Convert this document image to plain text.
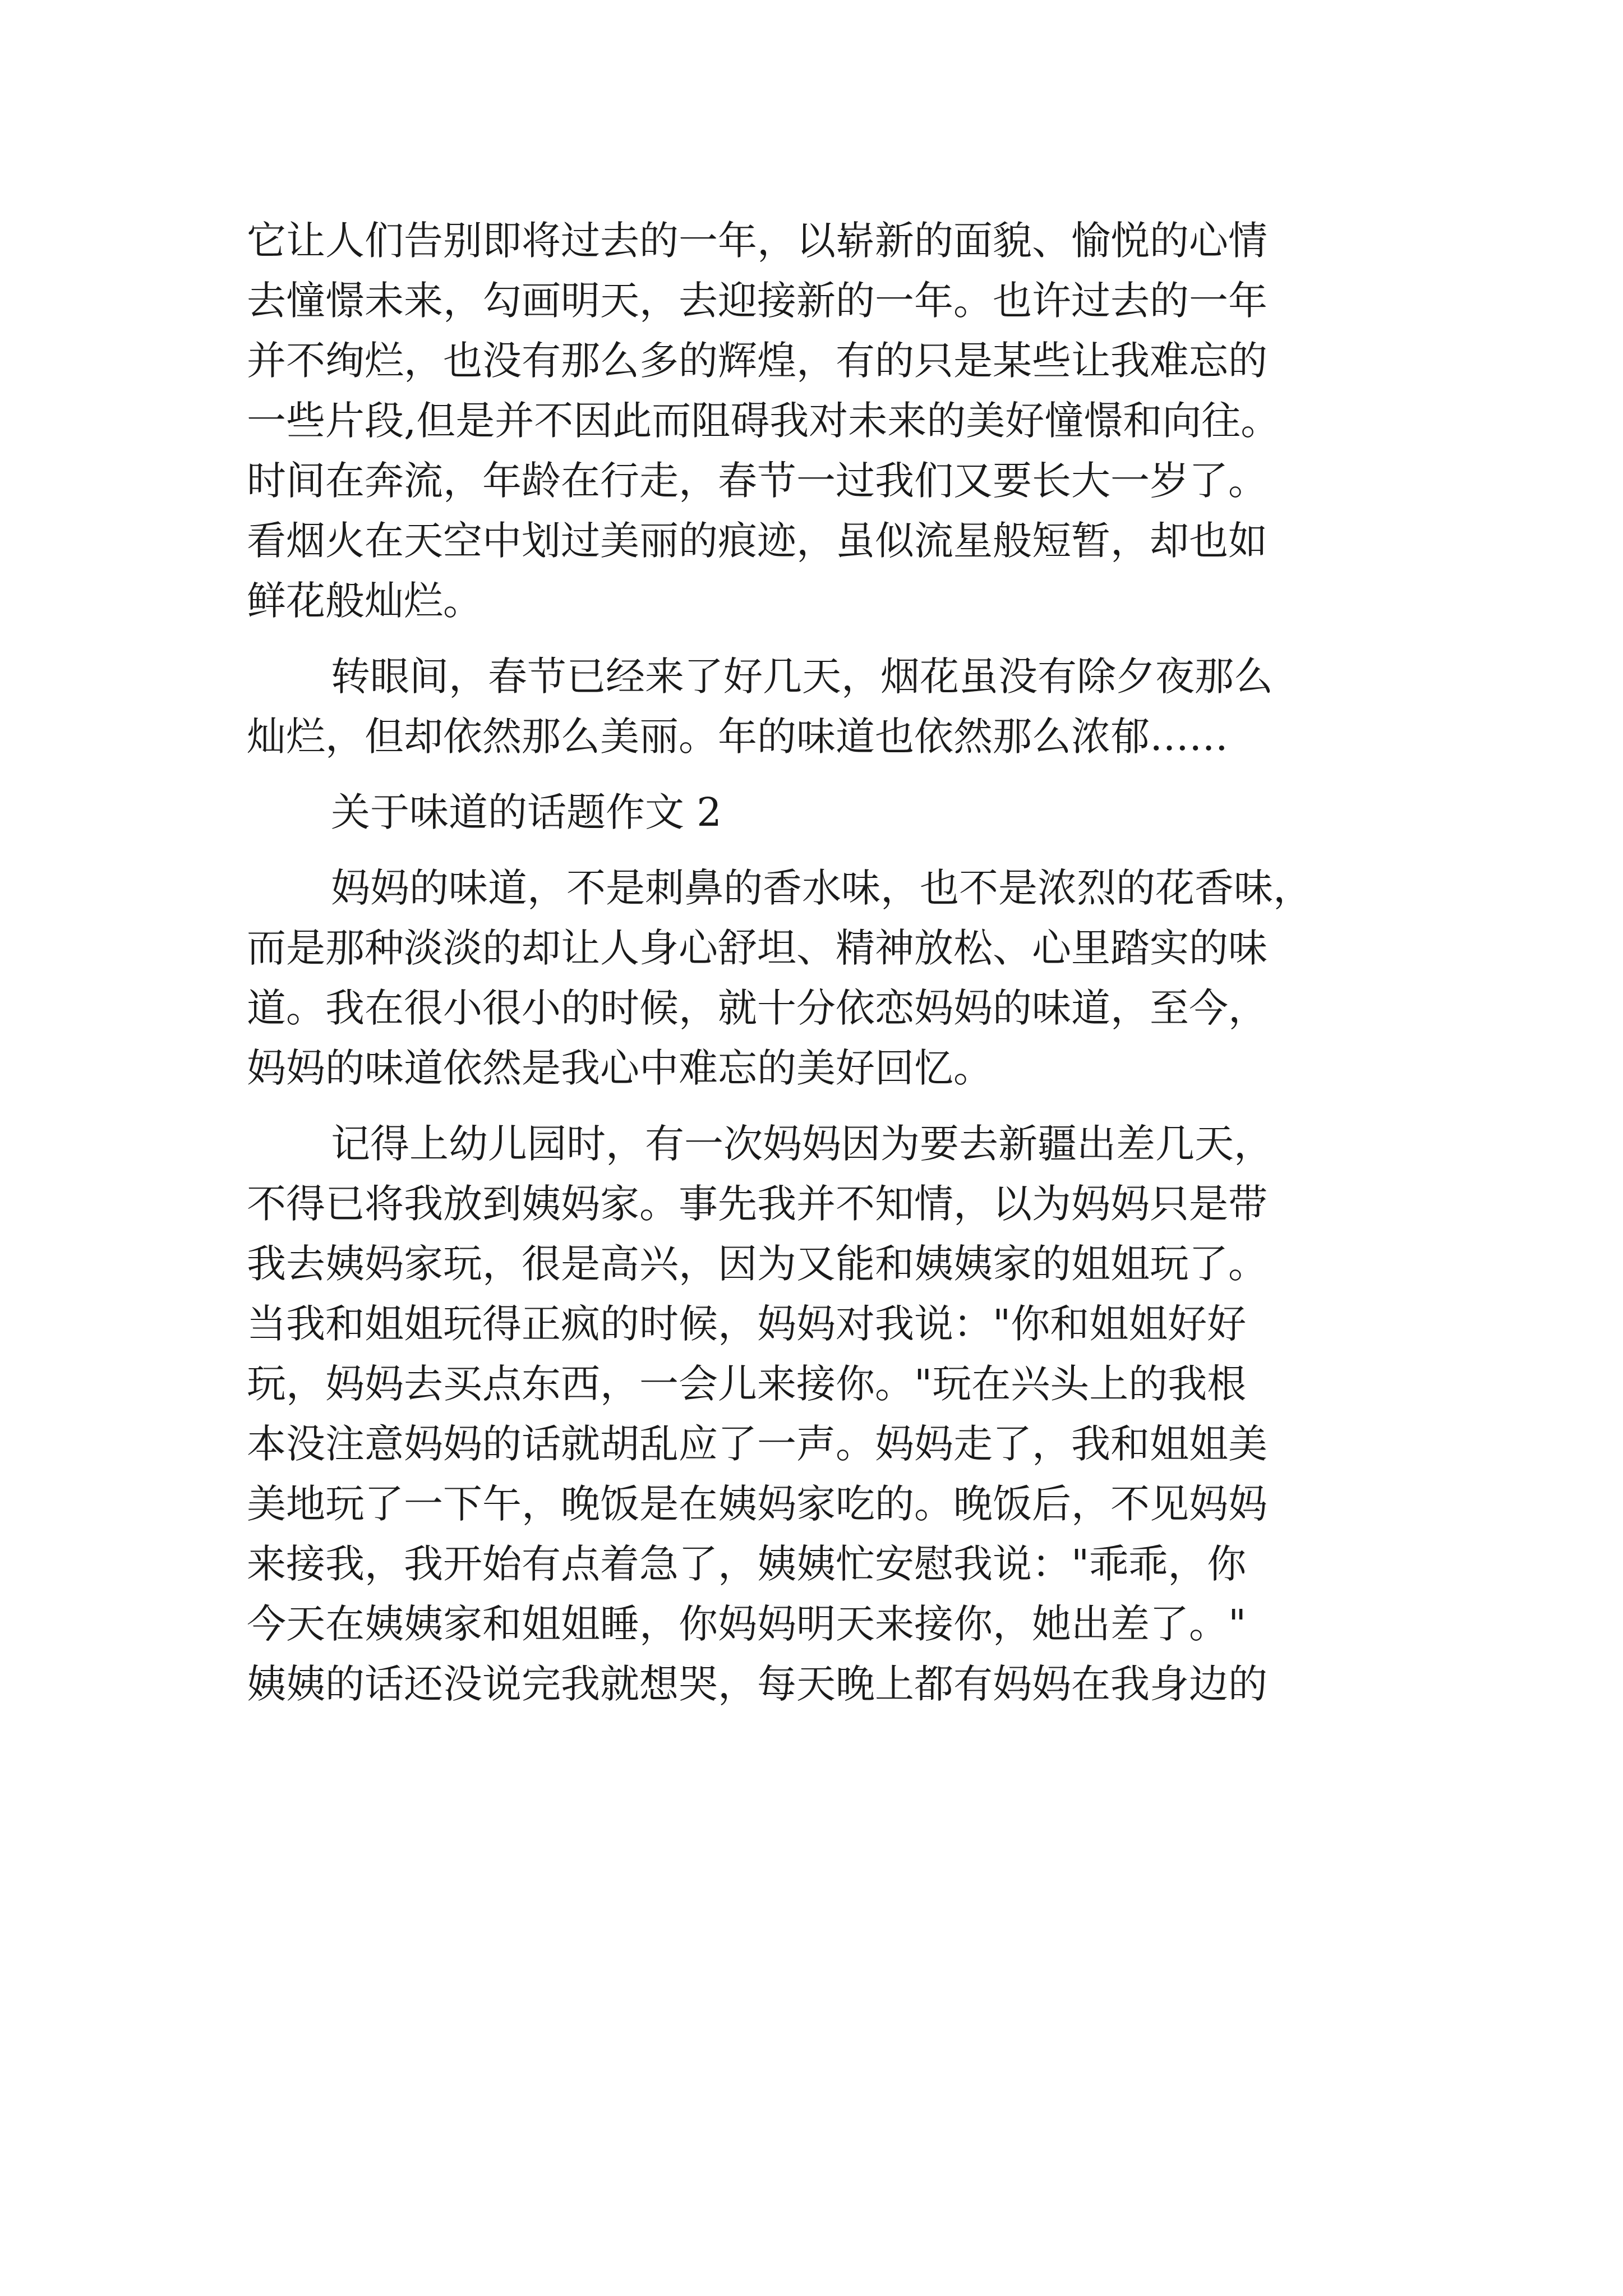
它让人们告别即将过去的一年，以崭新的面貌、愉悦的心情
去憧憬未来，勾画明天，去迎接新的一年。也许过去的一年
并不绚烂，也没有那么多的辉煌，有的只是某些让我难忘的
一些片段,但是并不因此而阻碍我对未来的美好憧憬和向往。
时间在奔流，年龄在行走，春节一过我们又要长大一岁了。
看烟火在天空中划过美丽的痕迹，虽似流星般短暂，却也如
鲜花般灿烂。
转眼间，春节已经来了好几天，烟花虽没有除夕夜那么
灿烂，但却依然那么美丽。年的味道也依然那么浓郁……
关于味道的话题作文 2
妈妈的味道，不是刺鼻的香水味，也不是浓烈的花香味，
而是那种淡淡的却让人身心舒坦、精神放松、心里踏实的味
道。我在很小很小的时候，就十分依恋妈妈的味道，至今，
妈妈的味道依然是我心中难忘的美好回忆。
记得上幼儿园时，有一次妈妈因为要去新疆出差几天，
不得已将我放到姨妈家。事先我并不知情，以为妈妈只是带
我去姨妈家玩，很是高兴，因为又能和姨姨家的姐姐玩了。
当我和姐姐玩得正疯的时候，妈妈对我说："你和姐姐好好
玩，妈妈去买点东西，一会儿来接你。"玩在兴头上的我根
本没注意妈妈的话就胡乱应了一声。妈妈走了，我和姐姐美
美地玩了一下午，晚饭是在姨妈家吃的。晚饭后，不见妈妈
来接我，我开始有点着急了，姨姨忙安慰我说："乖乖，你
今天在姨姨家和姐姐睡，你妈妈明天来接你，她出差了。"
姨姨的话还没说完我就想哭，每天晚上都有妈妈在我身边的
